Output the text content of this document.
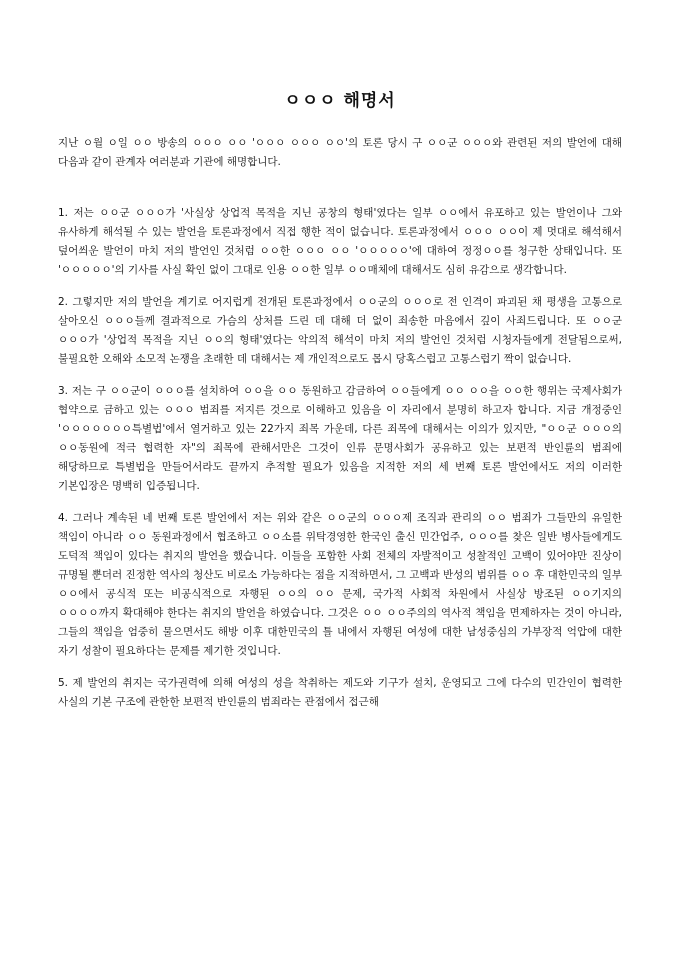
ㅇㅇㅇ 해명서

지난 ㅇ월 ㅇ일 ㅇㅇ 방송의 ㅇㅇㅇ ㅇㅇ 'ㅇㅇㅇ ㅇㅇㅇ ㅇㅇ'의 토론 당시 구 ㅇㅇ군 ㅇㅇㅇ와 관련된 저의 발언에 대해 다음과 같이 관계자 여러분과 기관에 해명합니다.

1. 저는 ㅇㅇ군 ㅇㅇㅇ가 '사실상 상업적 목적을 지닌 공창의 형태'였다는 일부 ㅇㅇ에서 유포하고 있는 발언이나 그와 유사하게 해석될 수 있는 발언을 토론과정에서 직접 행한 적이 없습니다. 토론과정에서 ㅇㅇㅇ ㅇㅇ이 제 멋대로 해석해서 덮어씌운 발언이 마치 저의 발언인 것처럼 ㅇㅇ한 ㅇㅇㅇ ㅇㅇ 'ㅇㅇㅇㅇㅇ'에 대하여 정정ㅇㅇ를 청구한 상태입니다. 또 'ㅇㅇㅇㅇㅇ'의 기사를 사실 확인 없이 그대로 인용 ㅇㅇ한 일부 ㅇㅇ매체에 대해서도 심히 유감으로 생각합니다.

2. 그렇지만 저의 발언을 계기로 어지럽게 전개된 토론과정에서 ㅇㅇ군의 ㅇㅇㅇ로 전 인격이 파괴된 채 평생을 고통으로 살아오신 ㅇㅇㅇ들께 결과적으로 가슴의 상처를 드린 데 대해 더 없이 죄송한 마음에서 깊이 사죄드립니다. 또 ㅇㅇ군 ㅇㅇㅇ가 '상업적 목적을 지닌 ㅇㅇ의 형태'였다는 악의적 해석이 마치 저의 발언인 것처럼 시청자들에게 전달됨으로써, 불필요한 오해와 소모적 논쟁을 초래한 데 대해서는 제 개인적으로도 몹시 당혹스럽고 고통스럽기 짝이 없습니다.

3. 저는 구 ㅇㅇ군이 ㅇㅇㅇ를 설치하여 ㅇㅇ을 ㅇㅇ 동원하고 감금하여 ㅇㅇ들에게 ㅇㅇ ㅇㅇ을 ㅇㅇ한 행위는 국제사회가 협약으로 금하고 있는 ㅇㅇㅇ 범죄를 저지른 것으로 이해하고 있음을 이 자리에서 분명히 하고자 합니다. 지금 개정중인 'ㅇㅇㅇㅇㅇㅇㅇ특별법'에서 열거하고 있는 22가지 죄목 가운데, 다른 죄목에 대해서는 이의가 있지만, "ㅇㅇ군 ㅇㅇㅇ의 ㅇㅇ동원에 적극 협력한 자"의 죄목에 관해서만은 그것이 인류 문명사회가 공유하고 있는 보편적 반인륜의 범죄에 해당하므로 특별법을 만들어서라도 끝까지 추적할 필요가 있음을 지적한 저의 세 번째 토론 발언에서도 저의 이러한 기본입장은 명백히 입증됩니다.

4. 그러나 계속된 네 번째 토론 발언에서 저는 위와 같은 ㅇㅇ군의 ㅇㅇㅇ제 조직과 관리의 ㅇㅇ 범죄가 그들만의 유일한 책임이 아니라 ㅇㅇ 동원과정에서 협조하고 ㅇㅇ소를 위탁경영한 한국인 출신 민간업주, ㅇㅇㅇ를 찾은 일반 병사들에게도 도덕적 책임이 있다는 취지의 발언을 했습니다. 이들을 포함한 사회 전체의 자발적이고 성찰적인 고백이 있어야만 진상이 규명될 뿐더러 진정한 역사의 청산도 비로소 가능하다는 점을 지적하면서, 그 고백과 반성의 범위를 ㅇㅇ 후 대한민국의 일부 ㅇㅇ에서 공식적 또는 비공식적으로 자행된 ㅇㅇ의 ㅇㅇ 문제, 국가적 사회적 차원에서 사실상 방조된 ㅇㅇ기지의 ㅇㅇㅇㅇ까지 확대해야 한다는 취지의 발언을 하였습니다. 그것은 ㅇㅇ ㅇㅇ주의의 역사적 책임을 면제하자는 것이 아니라, 그들의 책임을 엄중히 물으면서도 해방 이후 대한민국의 틀 내에서 자행된 여성에 대한 남성중심의 가부장적 억압에 대한 자기 성찰이 필요하다는 문제를 제기한 것입니다.

5. 제 발언의 취지는 국가권력에 의해 여성의 성을 착취하는 제도와 기구가 설치, 운영되고 그에 다수의 민간인이 협력한 사실의 기본 구조에 관한한 보편적 반인륜의 범죄라는 관점에서 접근해
